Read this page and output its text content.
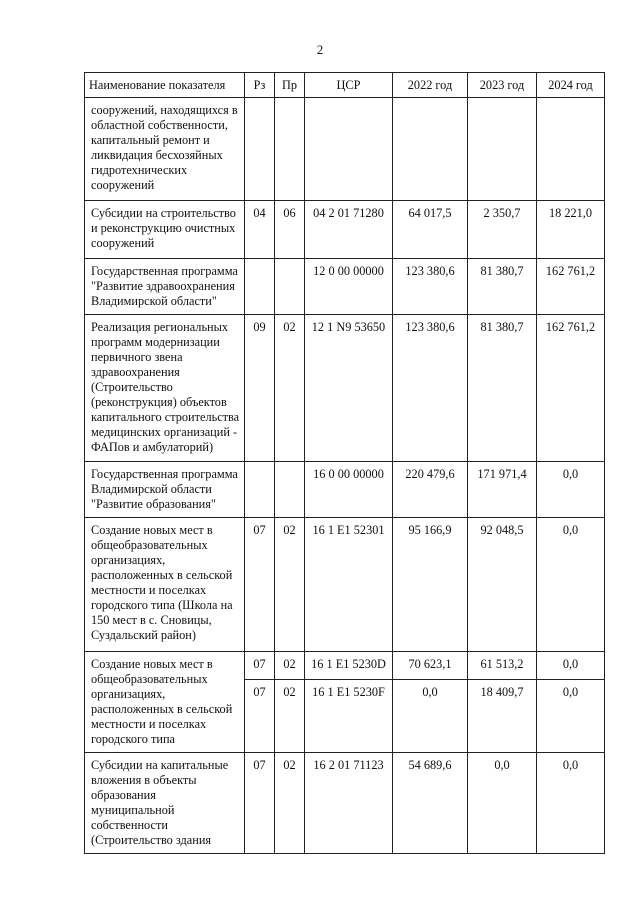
2
Наименование показателя	Рз	Пр	ЦСР	2022 год	2023 год	2024 год
сооружений, находящихся в областной собственности, капитальный ремонт и ликвидация бесхозяйных гидротехнических сооружений						
Субсидии на строительство и реконструкцию очистных сооружений	04	06	04 2 01 71280	64 017,5	2 350,7	18 221,0
Государственная программа "Развитие здравоохранения Владимирской области"			12 0 00 00000	123 380,6	81 380,7	162 761,2
Реализация региональных программ модернизации первичного звена здравоохранения (Строительство (реконструкция) объектов капитального строительства медицинских организаций - ФАПов и амбулаторий)	09	02	12 1 N9 53650	123 380,6	81 380,7	162 761,2
Государственная программа Владимирской области "Развитие образования"			16 0 00 00000	220 479,6	171 971,4	0,0
Создание новых мест в общеобразовательных организациях, расположенных в сельской местности и поселках городского типа (Школа на 150 мест в с. Сновицы, Суздальский район)	07	02	16 1 E1 52301	95 166,9	92 048,5	0,0
Создание новых мест в общеобразовательных организациях, расположенных в сельской местности и поселках городского типа	07	02	16 1 E1 5230D	70 623,1	61 513,2	0,0
	07	02	16 1 E1 5230F	0,0	18 409,7	0,0
Субсидии на капитальные вложения в объекты образования муниципальной собственности (Строительство здания	07	02	16 2 01 71123	54 689,6	0,0	0,0
